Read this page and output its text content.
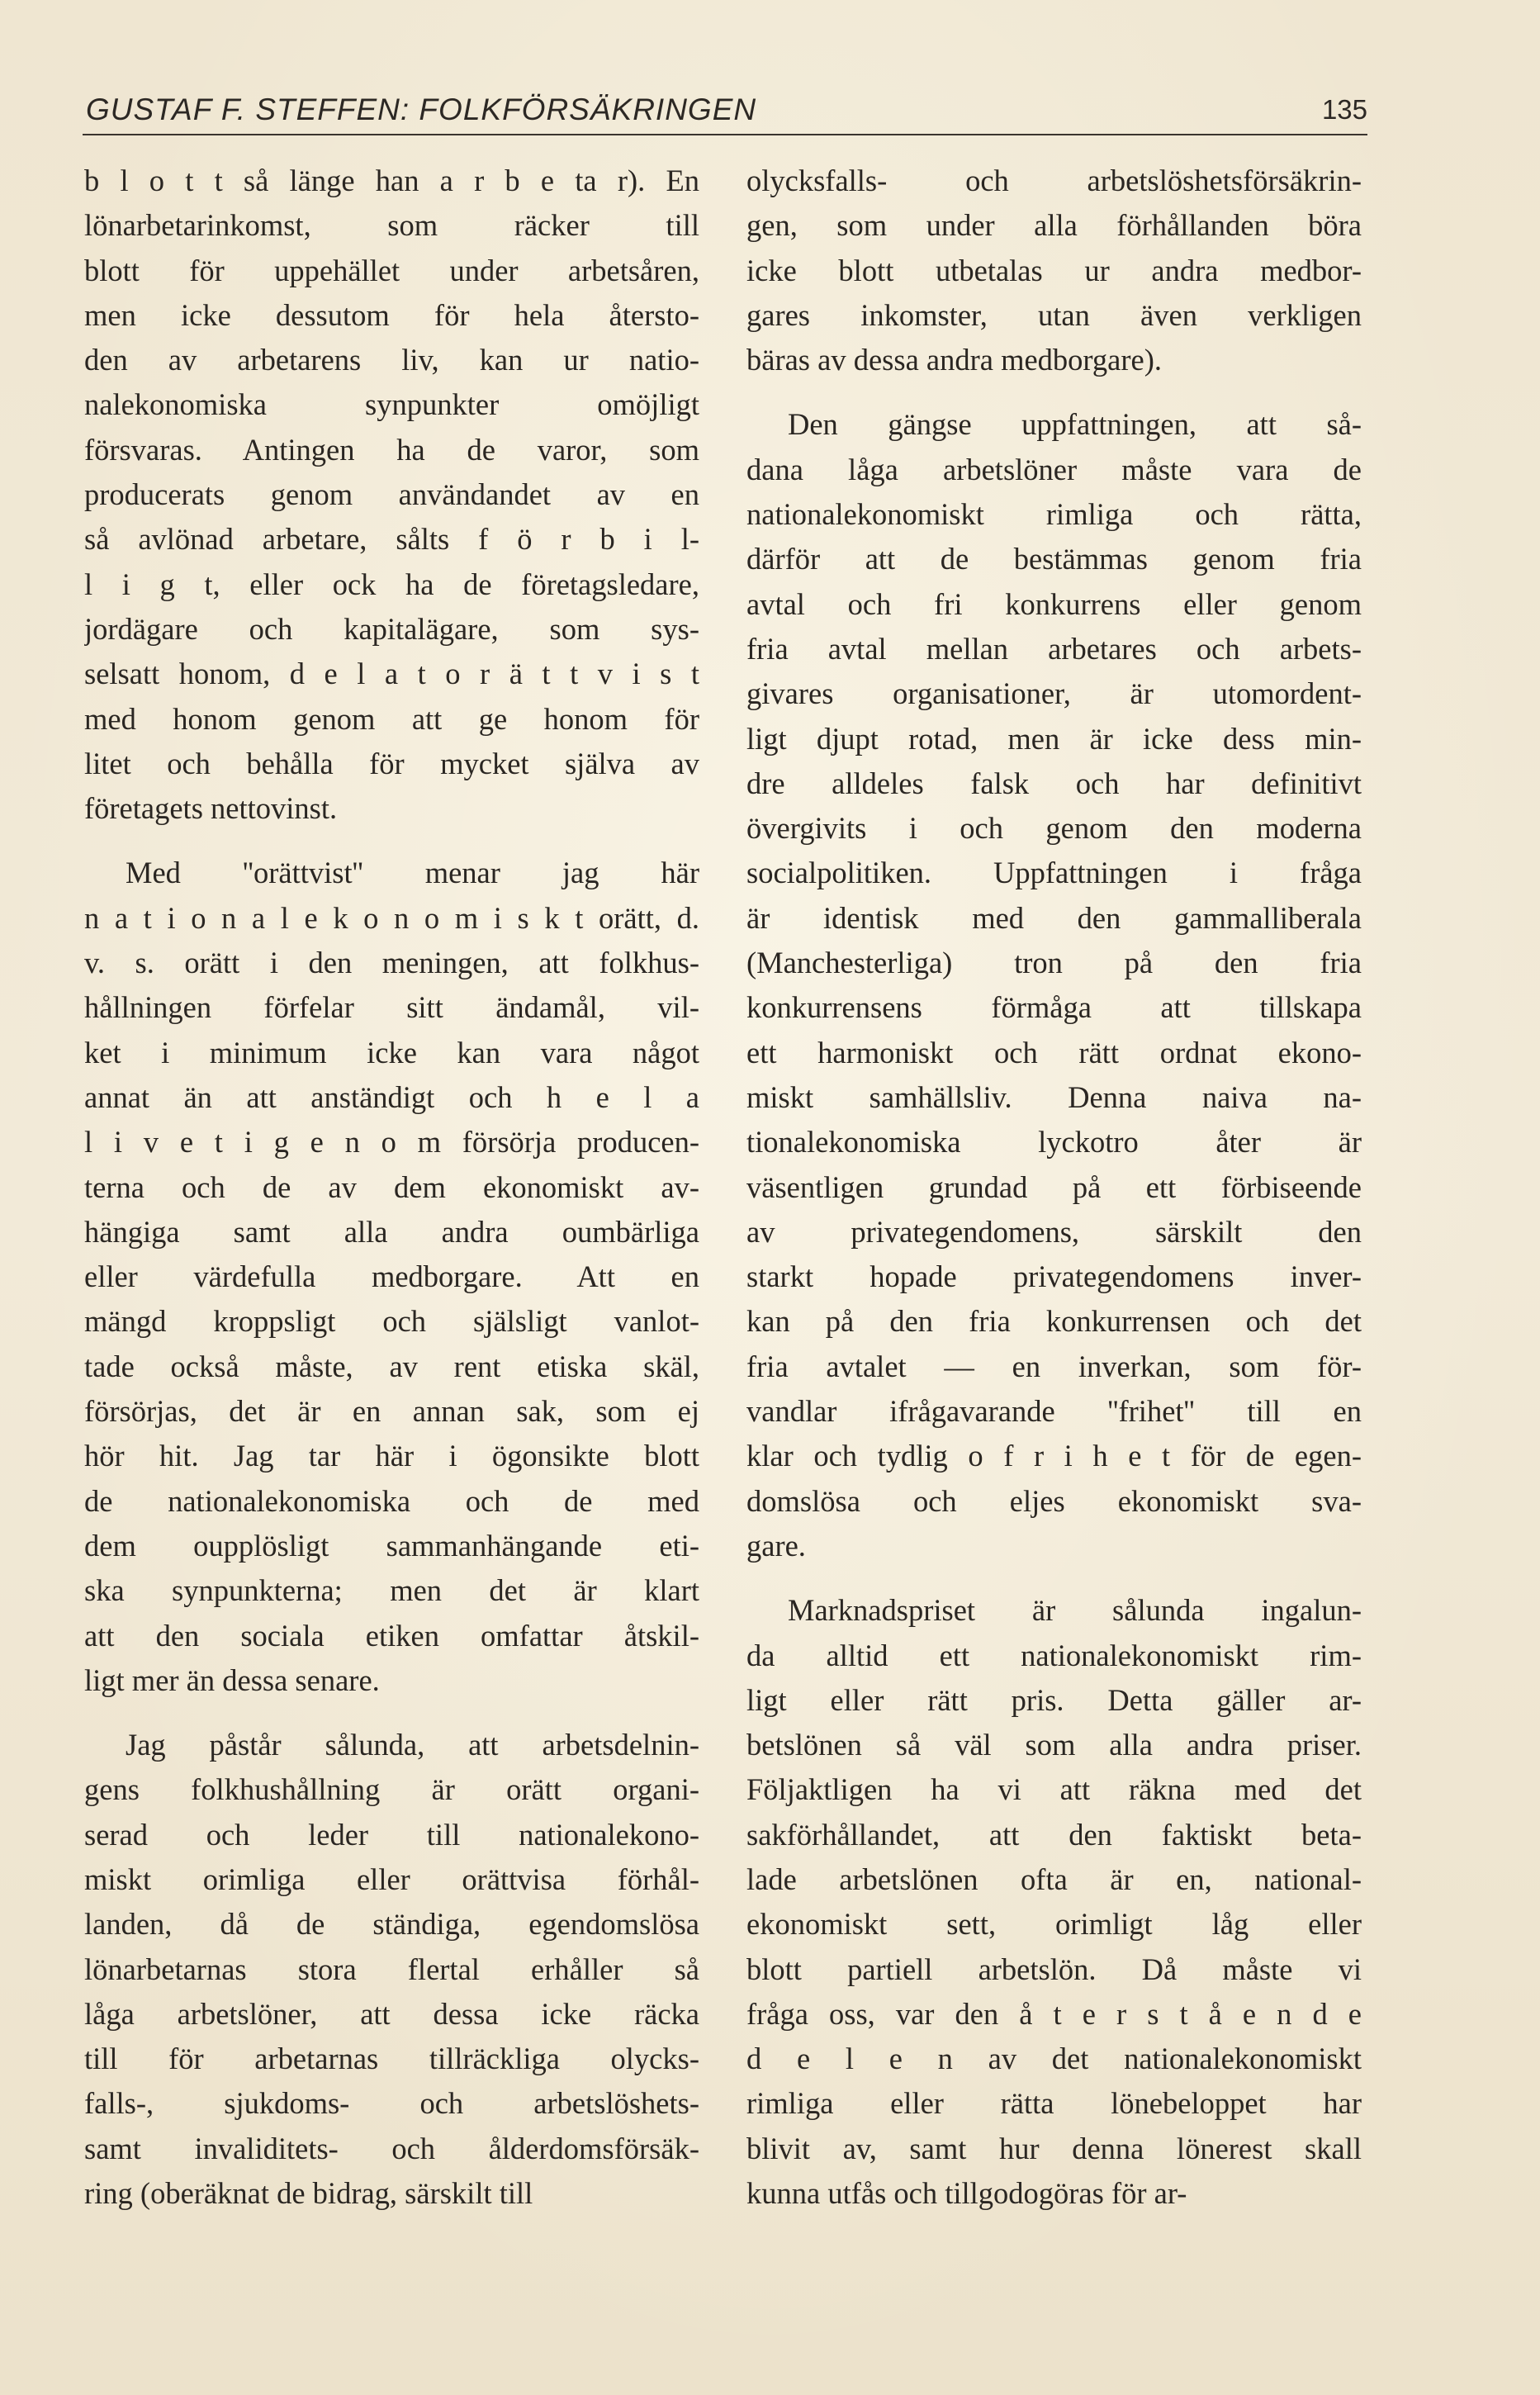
GUSTAF F. STEFFEN: FOLKFÖRSÄKRINGEN	135
b l o t t så länge han a r b e ta r). En
lönarbetarinkomst, som räcker till
blott för uppehället under arbetsåren,
men icke dessutom för hela återsto-
den av arbetarens liv, kan ur natio-
nalekonomiska synpunkter omöjligt
försvaras. Antingen ha de varor, som
producerats genom användandet av en
så avlönad arbetare, sålts f ö r b i l-
l i g t, eller ock ha de företagsledare,
jordägare och kapitalägare, som sys-
selsatt honom, d e l a t o r ä t t v i s t
med honom genom att ge honom för
litet och behålla för mycket själva av
företagets nettovinst.
Med ''orättvist'' menar jag här
n a t i o n a l e k o n o m i s k t orätt, d.
v. s. orätt i den meningen, att folkhus-
hållningen förfelar sitt ändamål, vil-
ket i minimum icke kan vara något
annat än att anständigt och h e l a
l i v e t i g e n o m försörja producen-
terna och de av dem ekonomiskt av-
hängiga samt alla andra oumbärliga
eller värdefulla medborgare. Att en
mängd kroppsligt och själsligt vanlot-
tade också måste, av rent etiska skäl,
försörjas, det är en annan sak, som ej
hör hit. Jag tar här i ögonsikte blott
de nationalekonomiska och de med
dem oupplösligt sammanhängande eti-
ska synpunkterna; men det är klart
att den sociala etiken omfattar åtskil-
ligt mer än dessa senare.
Jag påstår sålunda, att arbetsdelnin-
gens folkhushållning är orätt organi-
serad och leder till nationalekono-
miskt orimliga eller orättvisa förhål-
landen, då de ständiga, egendomslösa
lönarbetarnas stora flertal erhåller så
låga arbetslöner, att dessa icke räcka
till för arbetarnas tillräckliga olycks-
falls-, sjukdoms- och arbetslöshets-
samt invaliditets- och ålderdomsförsäk-
ring (oberäknat de bidrag, särskilt till
olycksfalls- och arbetslöshetsförsäkrin-
gen, som under alla förhållanden böra
icke blott utbetalas ur andra medbor-
gares inkomster, utan även verkligen
bäras av dessa andra medborgare).
Den gängse uppfattningen, att så-
dana låga arbetslöner måste vara de
nationalekonomiskt rimliga och rätta,
därför att de bestämmas genom fria
avtal och fri konkurrens eller genom
fria avtal mellan arbetares och arbets-
givares organisationer, är utomordent-
ligt djupt rotad, men är icke dess min-
dre alldeles falsk och har definitivt
övergivits i och genom den moderna
socialpolitiken. Uppfattningen i fråga
är identisk med den gammalliberala
(Manchesterliga) tron på den fria
konkurrensens förmåga att tillskapa
ett harmoniskt och rätt ordnat ekono-
miskt samhällsliv. Denna naiva na-
tionalekonomiska lyckotro åter är
väsentligen grundad på ett förbiseende
av privategendomens, särskilt den
starkt hopade privategendomens inver-
kan på den fria konkurrensen och det
fria avtalet — en inverkan, som för-
vandlar ifrågavarande ''frihet'' till en
klar och tydlig o f r i h e t för de egen-
domslösa och eljes ekonomiskt sva-
gare.
Marknadspriset är sålunda ingalun-
da alltid ett nationalekonomiskt rim-
ligt eller rätt pris. Detta gäller ar-
betslönen så väl som alla andra priser.
Följaktligen ha vi att räkna med det
sakförhållandet, att den faktiskt beta-
lade arbetslönen ofta är en, national-
ekonomiskt sett, orimligt låg eller
blott partiell arbetslön. Då måste vi
fråga oss, var den å t e r s t å e n d e
d e l e n av det nationalekonomiskt
rimliga eller rätta lönebeloppet har
blivit av, samt hur denna lönerest skall
kunna utfås och tillgodogöras för ar-
